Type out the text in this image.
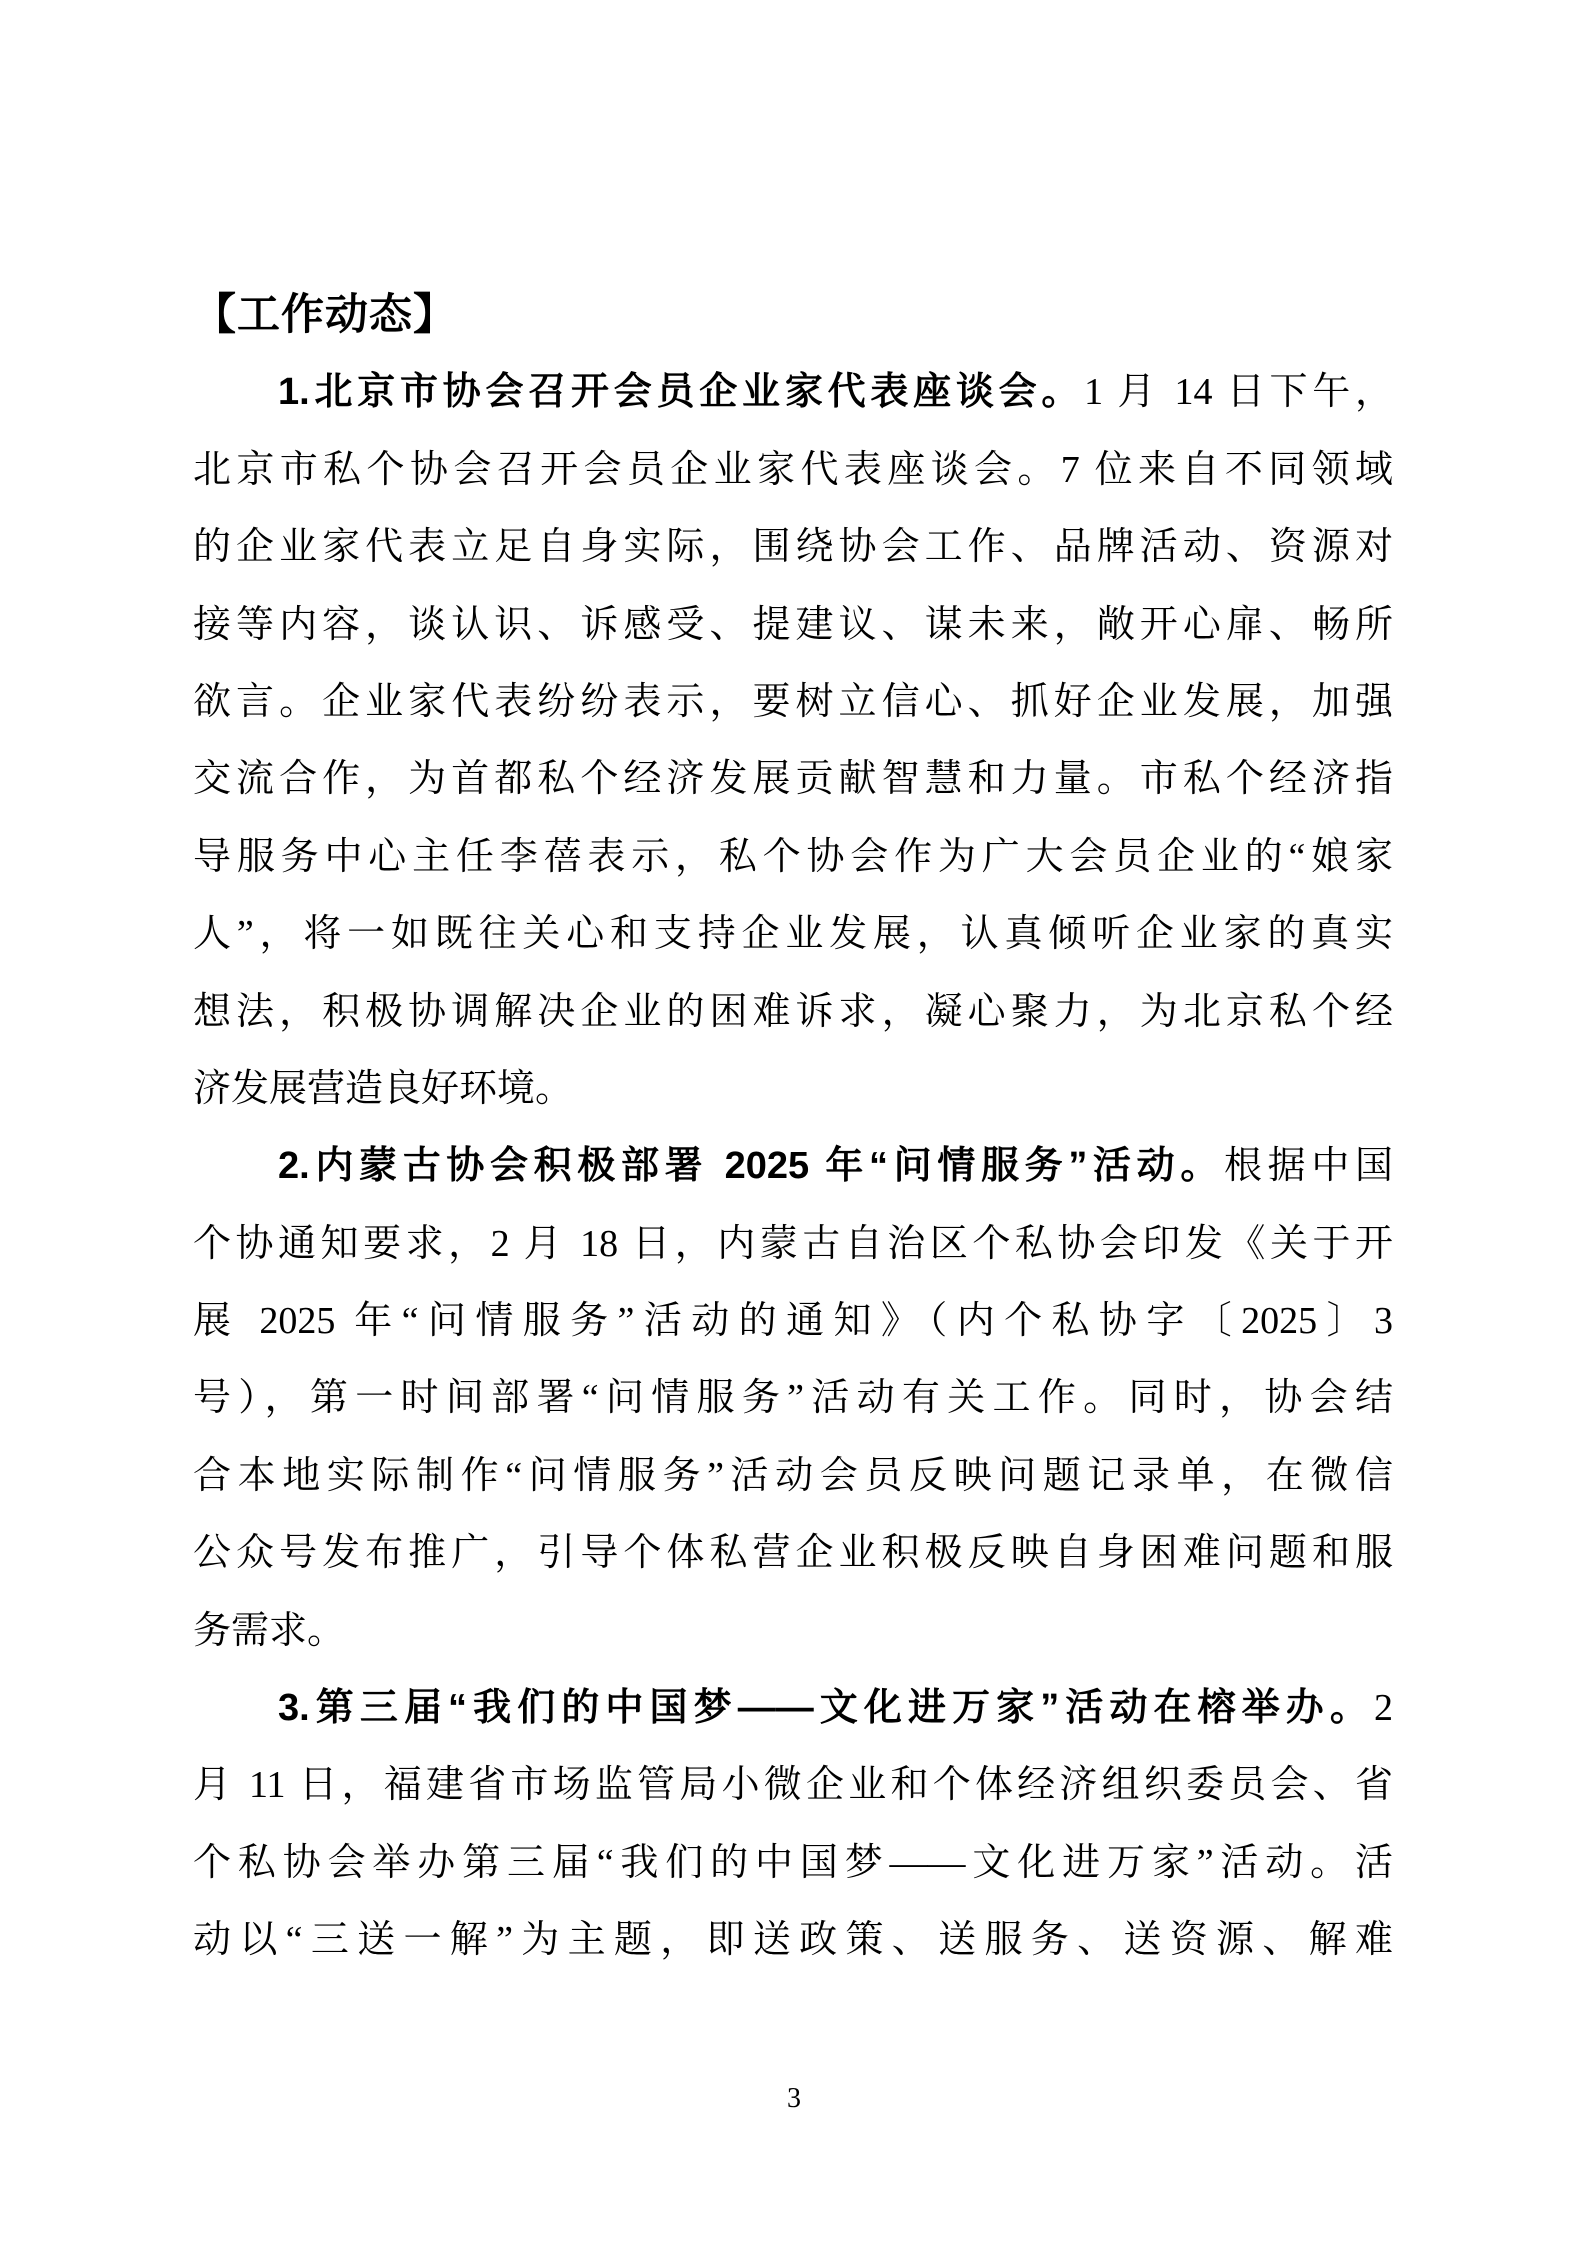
【工作动态】
1.北京市协会召开会员企业家代表座谈会。1 月 14 日下午，
北京市私个协会召开会员企业家代表座谈会。7 位来自不同领域
的企业家代表立足自身实际，围绕协会工作、品牌活动、资源对
接等内容，谈认识、诉感受、提建议、谋未来，敞开心扉、畅所
欲言。企业家代表纷纷表示，要树立信心、抓好企业发展，加强
交流合作，为首都私个经济发展贡献智慧和力量。市私个经济指
导服务中心主任李蓓表示，私个协会作为广大会员企业的“娘家
人”，将一如既往关心和支持企业发展，认真倾听企业家的真实
想法，积极协调解决企业的困难诉求，凝心聚力，为北京私个经
济发展营造良好环境。
2.内蒙古协会积极部署 2025 年“问情服务”活动。根据中国
个协通知要求，2 月 18 日，内蒙古自治区个私协会印发《关于开
展 2025 年“问情服务”活动的通知》（内个私协字〔2025〕3
号），第一时间部署“问情服务”活动有关工作。同时，协会结
合本地实际制作“问情服务”活动会员反映问题记录单，在微信
公众号发布推广，引导个体私营企业积极反映自身困难问题和服
务需求。
3.第三届“我们的中国梦——文化进万家”活动在榕举办。2
月 11 日，福建省市场监管局小微企业和个体经济组织委员会、省
个私协会举办第三届“我们的中国梦——文化进万家”活动。活
动以“三送一解”为主题，即送政策、送服务、送资源、解难
3
